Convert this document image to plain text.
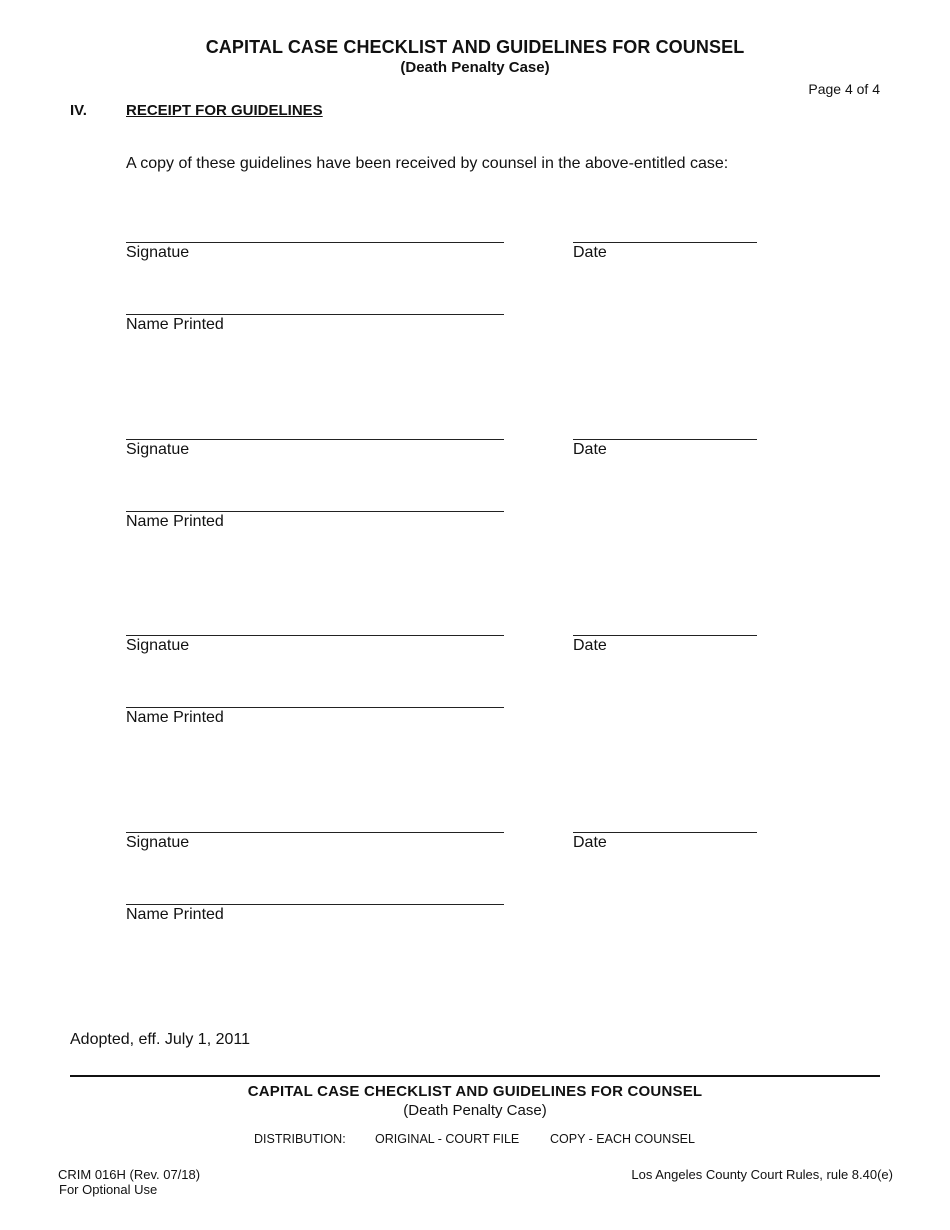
CAPITAL CASE CHECKLIST AND GUIDELINES FOR COUNSEL
(Death Penalty Case)
Page 4 of 4
IV.	RECEIPT FOR GUIDELINES
A copy of these guidelines have been received by counsel in the above-entitled case:
Signatue	Date
Name Printed
Signatue	Date
Name Printed
Signatue	Date
Name Printed
Signatue	Date
Name Printed
Adopted, eff. July 1, 2011
CAPITAL CASE CHECKLIST AND GUIDELINES FOR COUNSEL
(Death Penalty Case)
DISTRIBUTION: ORIGINAL - COURT FILE COPY - EACH COUNSEL
CRIM 016H (Rev. 07/18)
For Optional Use
Los Angeles County Court Rules, rule 8.40(e)
